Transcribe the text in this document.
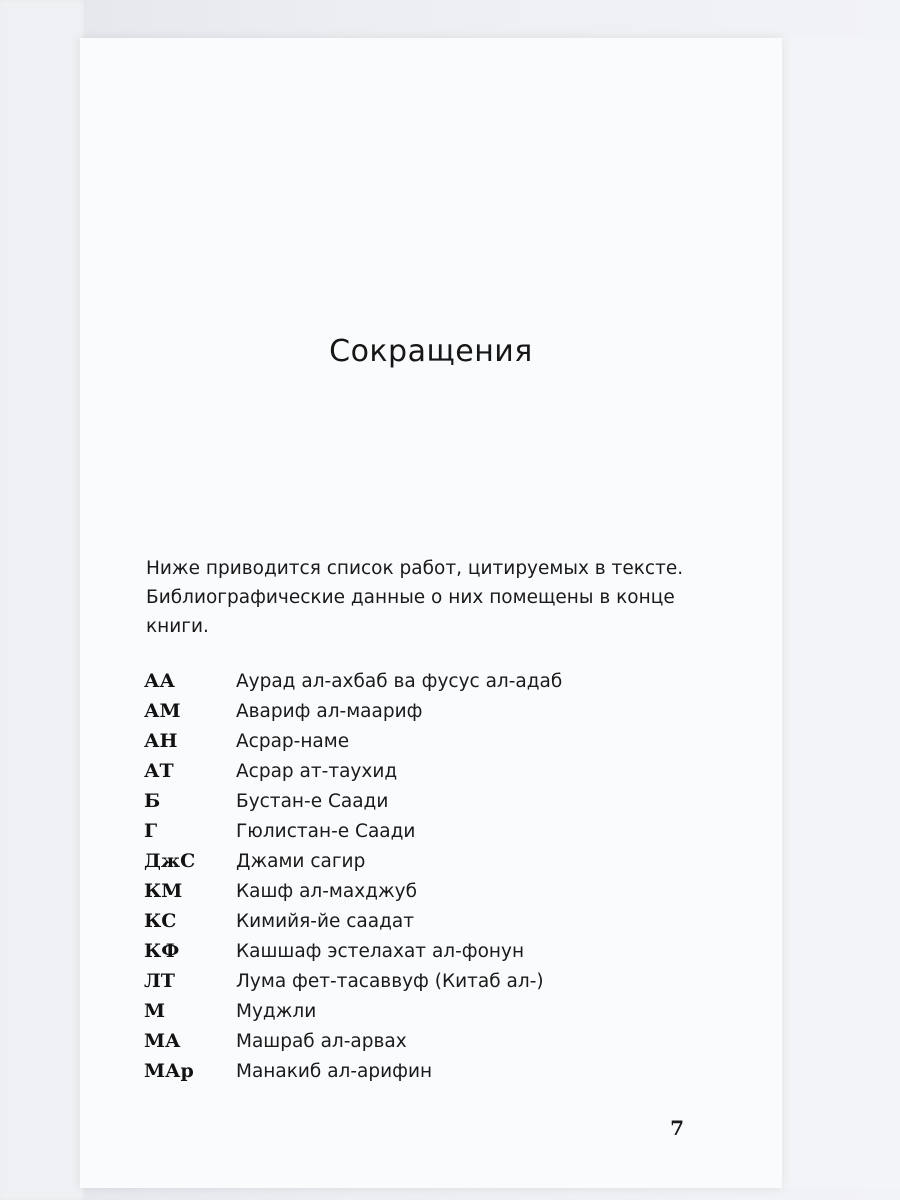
Сокращения
Ниже приводится список работ, цитируемых в тексте. Библиографические данные о них помещены в конце книги.
АА	Аурад ал-ахбаб ва фусус ал-адаб
АМ	Авариф ал-маариф
АН	Асрар-наме
АТ	Асрар ат-таухид
Б	Бустан-е Саади
Г	Гюлистан-е Саади
ДжС	Джами сагир
КМ	Кашф ал-махджуб
КС	Кимийя-йе саадат
КФ	Кашшаф эстелахат ал-фонун
ЛТ	Лума фет-тасаввуф (Китаб ал-)
М	Муджли
МА	Машраб ал-арвах
МАр	Манакиб ал-арифин
7
